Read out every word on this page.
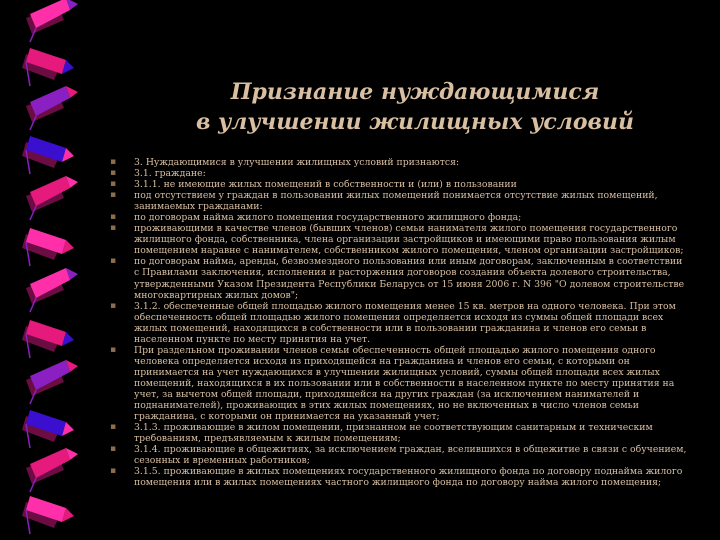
Признание нуждающимися
в улучшении жилищных условий
▪ 3. Нуждающимися в улучшении жилищных условий признаются:
▪ 3.1. граждане:
▪ 3.1.1. не имеющие жилых помещений в собственности и (или) в пользовании
▪ под отсутствием у граждан в пользовании жилых помещений понимается отсутствие жилых помещений,
занимаемых гражданами:
▪ по договорам найма жилого помещения государственного жилищного фонда;
▪ проживающими в качестве членов (бывших членов) семьи нанимателя жилого помещения государственного
жилищного фонда, собственника, члена организации застройщиков и имеющими право пользования жилым
помещением наравне с нанимателем, собственником жилого помещения, членом организации застройщиков;
▪ по договорам найма, аренды, безвозмездного пользования или иным договорам, заключенным в соответствии
с Правилами заключения, исполнения и расторжения договоров создания объекта долевого строительства,
утвержденными Указом Президента Республики Беларусь от 15 июня 2006 г. N 396 "О долевом строительстве
многоквартирных жилых домов";
▪ 3.1.2. обеспеченные общей площадью жилого помещения менее 15 кв. метров на одного человека. При этом
обеспеченность общей площадью жилого помещения определяется исходя из суммы общей площади всех
жилых помещений, находящихся в собственности или в пользовании гражданина и членов его семьи в
населенном пункте по месту принятия на учет.
▪ При раздельном проживании членов семьи обеспеченность общей площадью жилого помещения одного
человека определяется исходя из приходящейся на гражданина и членов его семьи, с которыми он
принимается на учет нуждающихся в улучшении жилищных условий, суммы общей площади всех жилых
помещений, находящихся в их пользовании или в собственности в населенном пункте по месту принятия на
учет, за вычетом общей площади, приходящейся на других граждан (за исключением нанимателей и
поднанимателей), проживающих в этих жилых помещениях, но не включенных в число членов семьи
гражданина, с которыми он принимается на указанный учет;
▪ 3.1.3. проживающие в жилом помещении, признанном не соответствующим санитарным и техническим
требованиям, предъявляемым к жилым помещениям;
▪ 3.1.4. проживающие в общежитиях, за исключением граждан, вселившихся в общежитие в связи с обучением,
сезонных и временных работников;
▪ 3.1.5. проживающие в жилых помещениях государственного жилищного фонда по договору поднайма жилого
помещения или в жилых помещениях частного жилищного фонда по договору найма жилого помещения;
